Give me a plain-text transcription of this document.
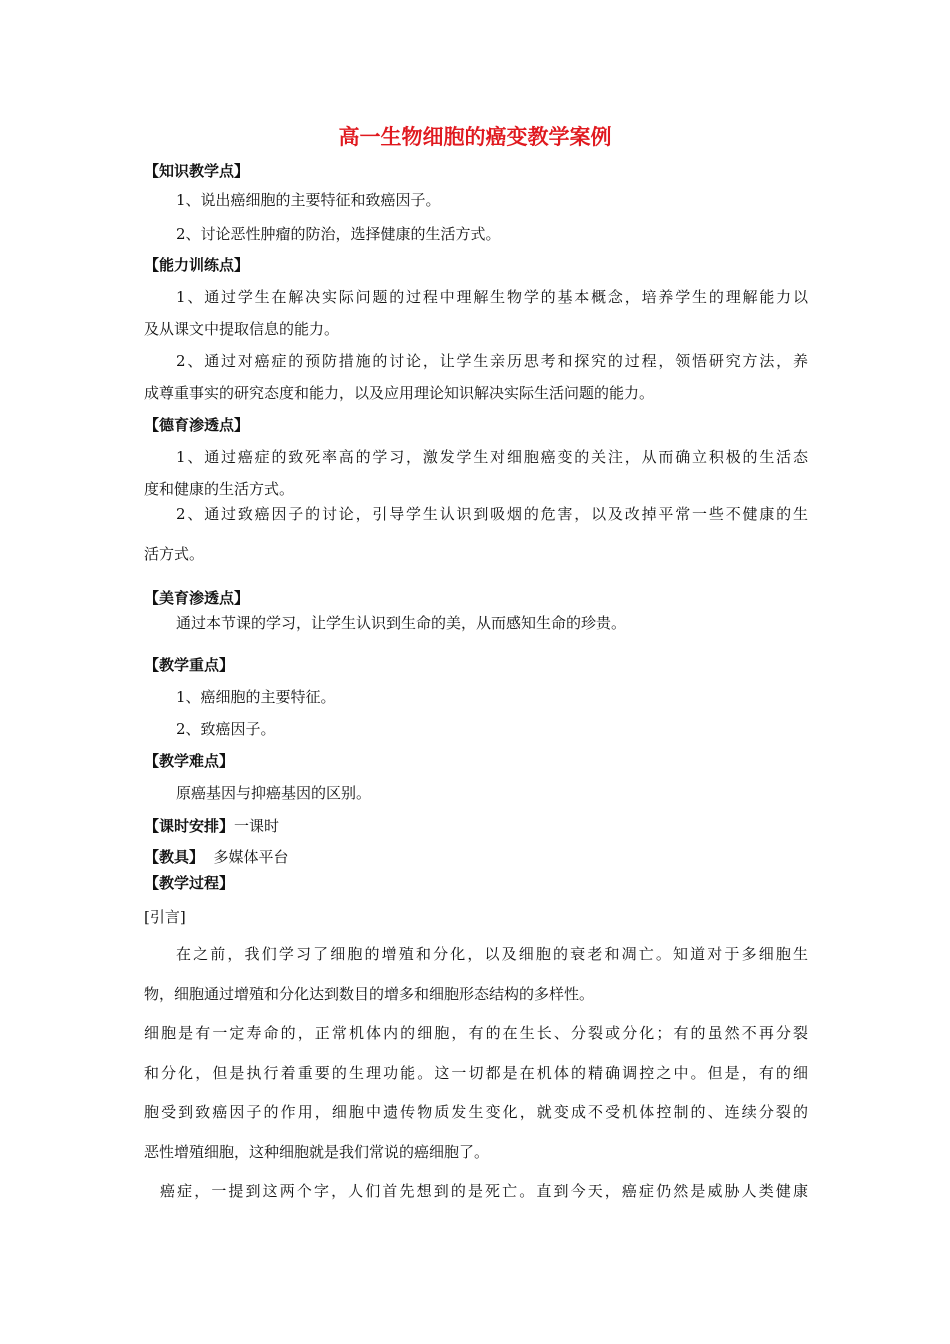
高一生物细胞的癌变教学案例

【知识教学点】

1、说出癌细胞的主要特征和致癌因子。

2、讨论恶性肿瘤的防治，选择健康的生活方式。

【能力训练点】

1、通过学生在解决实际问题的过程中理解生物学的基本概念，培养学生的理解能力以

及从课文中提取信息的能力。

2、通过对癌症的预防措施的讨论，让学生亲历思考和探究的过程，领悟研究方法，养

成尊重事实的研究态度和能力，以及应用理论知识解决实际生活问题的能力。

【德育渗透点】

1、通过癌症的致死率高的学习，激发学生对细胞癌变的关注，从而确立积极的生活态

度和健康的生活方式。

2、通过致癌因子的讨论，引导学生认识到吸烟的危害，以及改掉平常一些不健康的生

活方式。

【美育渗透点】

通过本节课的学习，让学生认识到生命的美，从而感知生命的珍贵。

【教学重点】

1、癌细胞的主要特征。

2、致癌因子。

【教学难点】

原癌基因与抑癌基因的区别。

【课时安排】一课时

【教具】  多媒体平台

【教学过程】

[引言]

在之前，我们学习了细胞的增殖和分化，以及细胞的衰老和凋亡。知道对于多细胞生

物，细胞通过增殖和分化达到数目的增多和细胞形态结构的多样性。

细胞是有一定寿命的，正常机体内的细胞，有的在生长、分裂或分化；有的虽然不再分裂

和分化，但是执行着重要的生理功能。这一切都是在机体的精确调控之中。但是，有的细

胞受到致癌因子的作用，细胞中遗传物质发生变化，就变成不受机体控制的、连续分裂的

恶性增殖细胞，这种细胞就是我们常说的癌细胞了。

癌症，一提到这两个字，人们首先想到的是死亡。直到今天，癌症仍然是威胁人类健康
